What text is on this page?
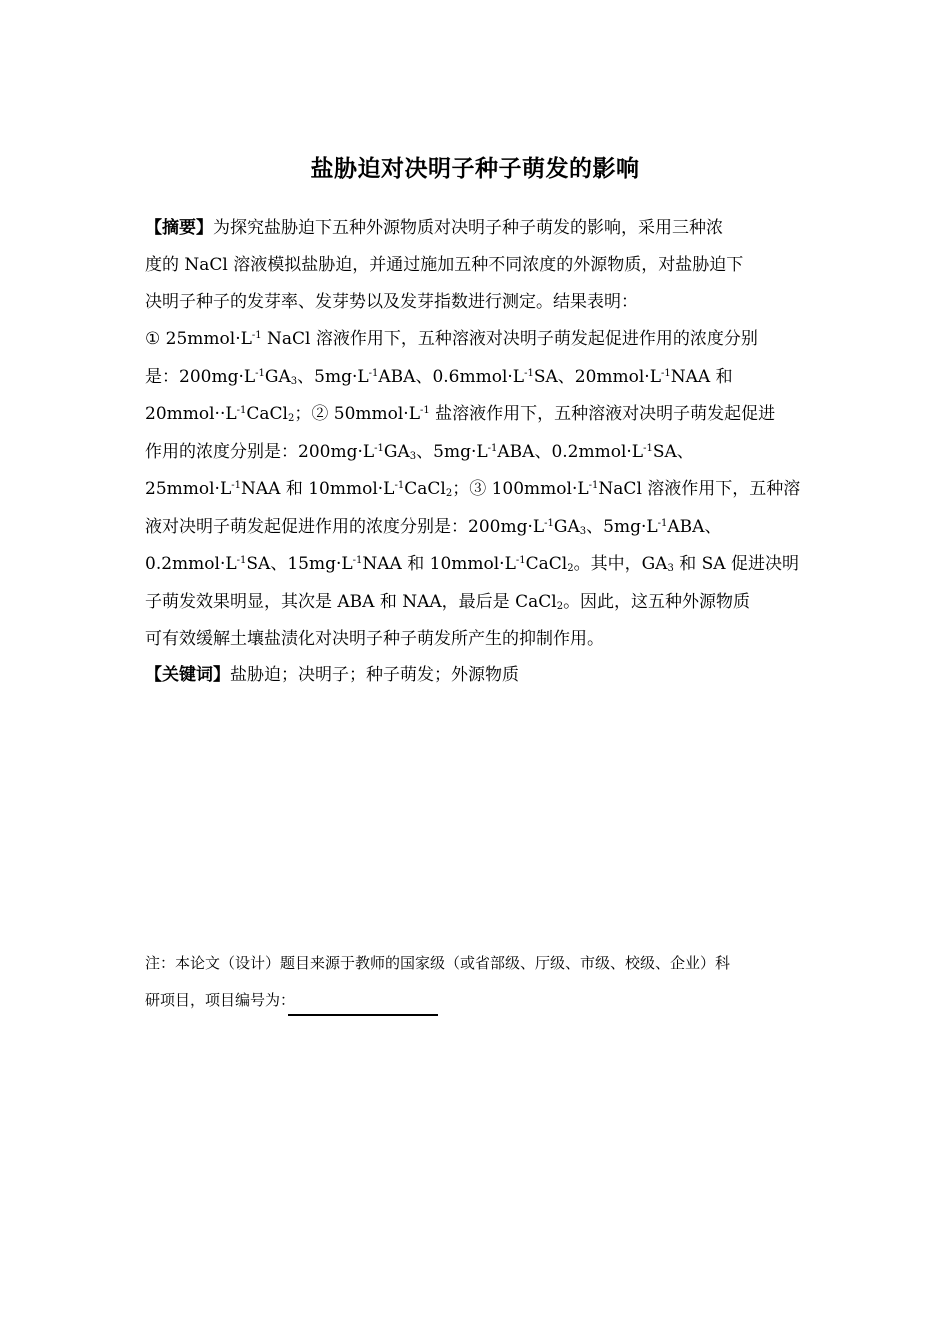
盐胁迫对决明子种子萌发的影响
【摘要】为探究盐胁迫下五种外源物质对决明子种子萌发的影响，采用三种浓
度的 NaCl 溶液模拟盐胁迫，并通过施加五种不同浓度的外源物质，对盐胁迫下
决明子种子的发芽率、发芽势以及发芽指数进行测定。结果表明：
① $25mmol\cdot L^{-1}$ NaCl 溶液作用下，五种溶液对决明子萌发起促进作用的浓度分别
是：$200mg\cdot L^{-1}GA_3$、$5mg\cdot L^{-1}ABA$、$0.6mmol\cdot L^{-1}SA$、$20mmol\cdot L^{-1}NAA$ 和
$20mmol\cdot\cdot L^{-1}CaCl_2$；② $50mmol\cdot L^{-1}$ 盐溶液作用下，五种溶液对决明子萌发起促进
作用的浓度分别是：$200mg\cdot L^{-1}GA_3$、$5mg\cdot L^{-1}ABA$、$0.2mmol\cdot L^{-1}SA$、
$25mmol\cdot L^{-1}NAA$ 和 $10mmol\cdot L^{-1}CaCl_2$；③ $100mmol\cdot L^{-1}NaCl$ 溶液作用下，五种溶
液对决明子萌发起促进作用的浓度分别是：$200mg\cdot L^{-1}GA_3$、$5mg\cdot L^{-1}ABA$、
$0.2mmol\cdot L^{-1}SA$、$15mg\cdot L^{-1}NAA$ 和 $10mmol\cdot L^{-1}CaCl_2$。其中，$GA_3$ 和 SA 促进决明
子萌发效果明显，其次是 ABA 和 NAA，最后是 CaCl$_2$。因此，这五种外源物质
可有效缓解土壤盐渍化对决明子种子萌发所产生的抑制作用。
【关键词】盐胁迫；决明子；种子萌发；外源物质
注：本论文（设计）题目来源于教师的国家级（或省部级、厅级、市级、校级、企业）科
研项目，项目编号为：
